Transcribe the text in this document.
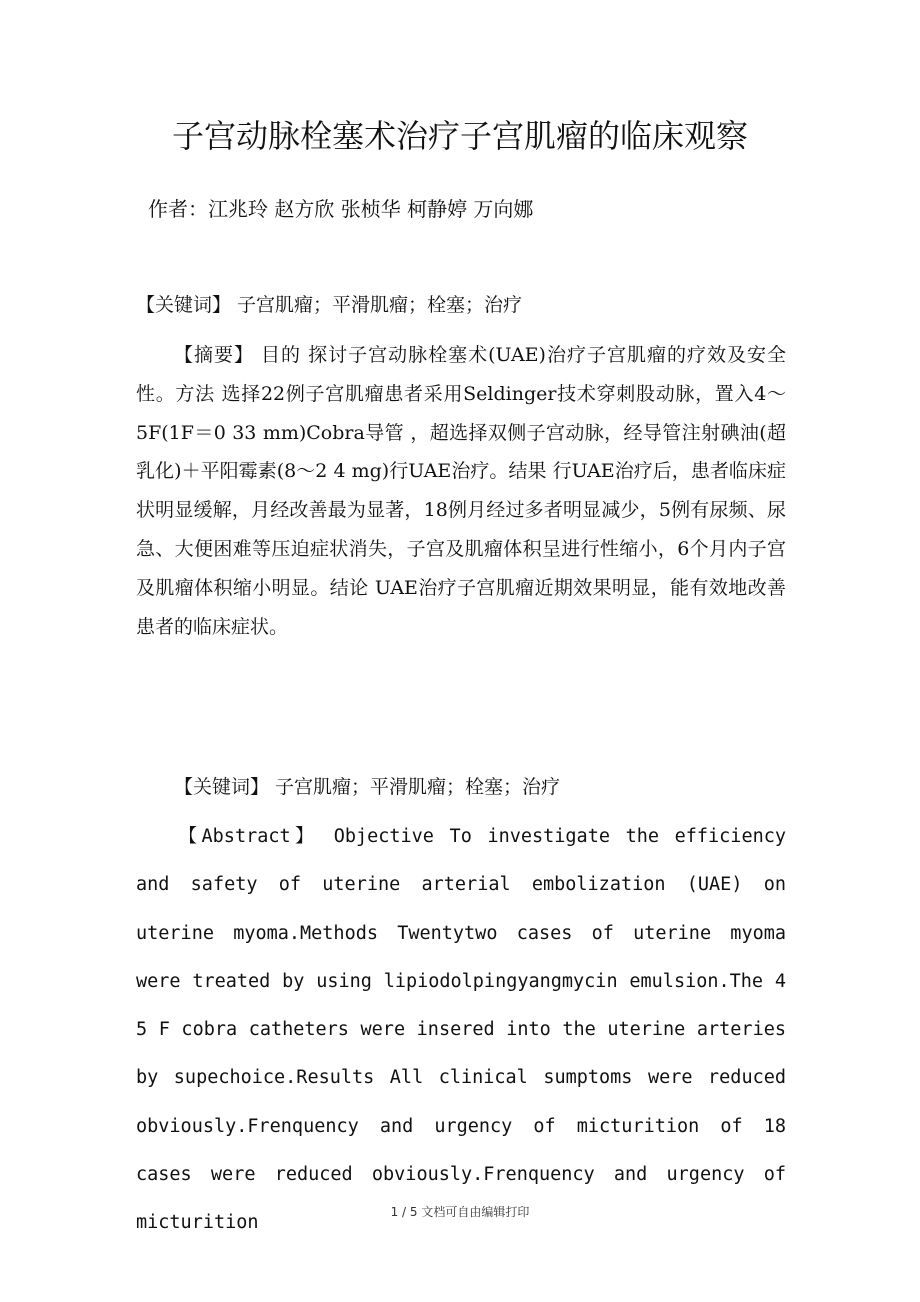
子宫动脉栓塞术治疗子宫肌瘤的临床观察
作者：江兆玲 赵方欣 张桢华 柯静婷 万向娜

【关键词】 子宫肌瘤；平滑肌瘤；栓塞；治疗

【摘要】 目的 探讨子宫动脉栓塞术(UAE)治疗子宫肌瘤的疗效及安全性。方法 选择22例子宫肌瘤患者采用Seldinger技术穿刺股动脉，置入4～5F(1F＝0 33 mm)Cobra导管 ，超选择双侧子宫动脉，经导管注射碘油(超乳化)＋平阳霉素(8～2 4 mg)行UAE治疗。结果 行UAE治疗后，患者临床症状明显缓解，月经改善最为显著，18例月经过多者明显减少，5例有尿频、尿急、大便困难等压迫症状消失，子宫及肌瘤体积呈进行性缩小，6个月内子宫及肌瘤体积缩小明显。结论 UAE治疗子宫肌瘤近期效果明显，能有效地改善患者的临床症状。

【关键词】 子宫肌瘤；平滑肌瘤；栓塞；治疗

【Abstract】 Objective To investigate the efficiency and safety of uterine arterial embolization (UAE) on uterine myoma.Methods Twentytwo cases of uterine myoma were treated by using lipiodolpingyangmycin emulsion.The 4 5 F cobra catheters were insered into the uterine arteries by supechoice.Results All clinical sumptoms were reduced obviously.Frenquency and urgency of micturition of 18 cases were reduced obviously.Frenquency and urgency of micturition

1 / 5 文档可自由编辑打印
